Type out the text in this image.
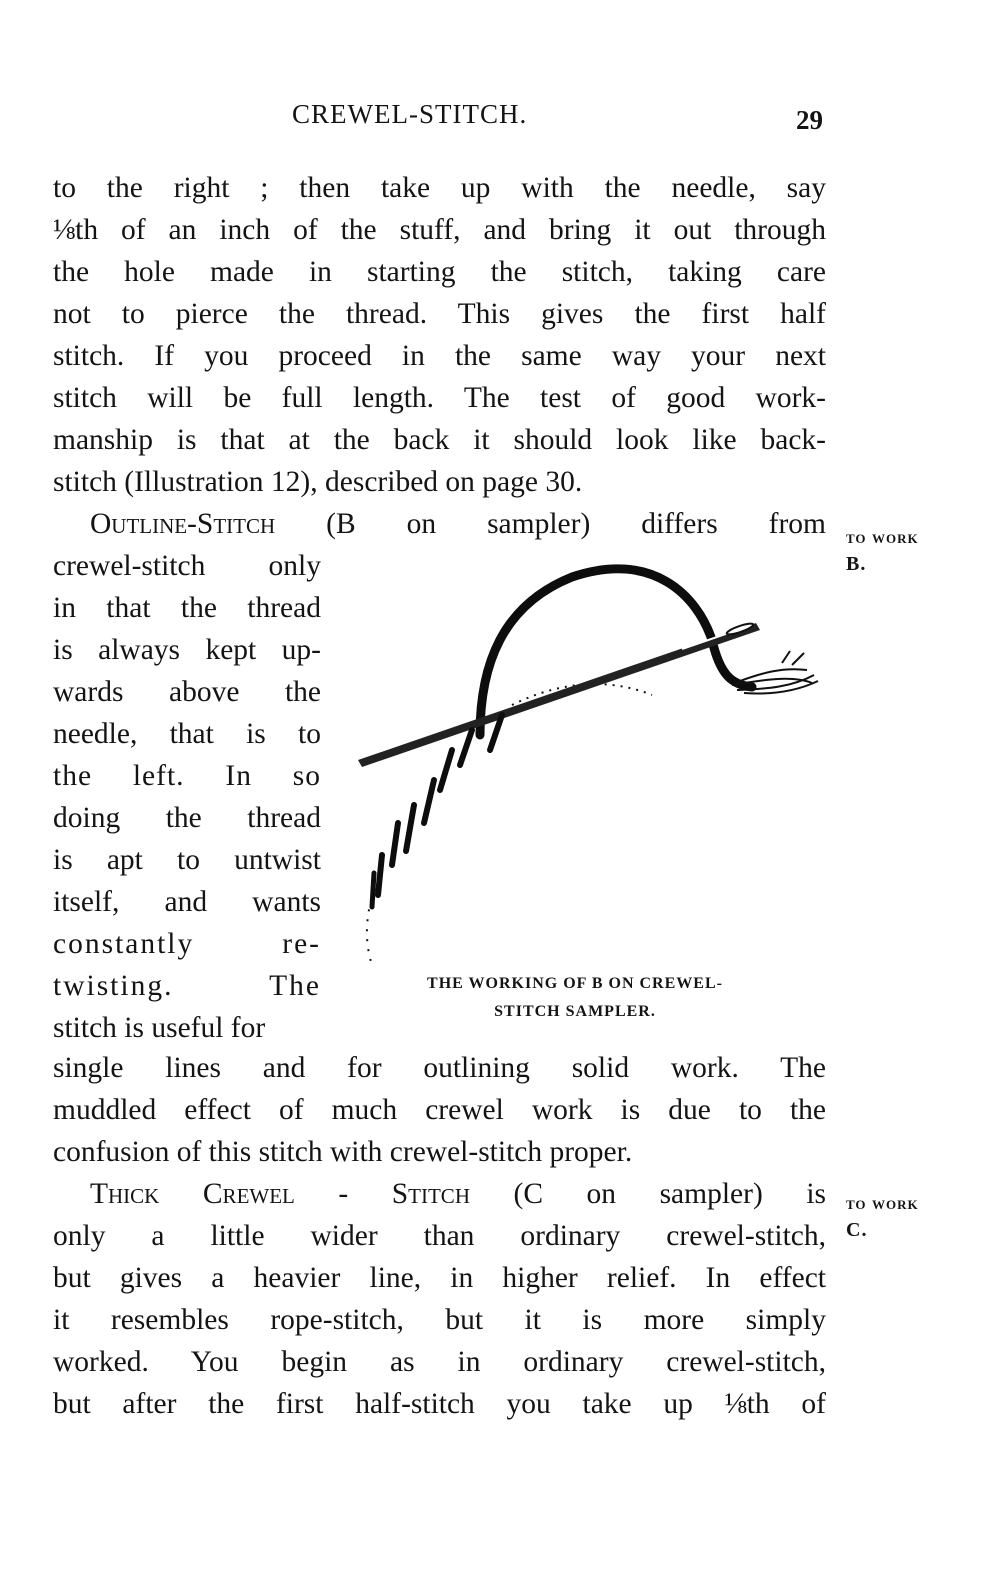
CREWEL-STITCH.	29
to the right ; then take up with the needle, say
⅛th of an inch of the stuff, and bring it out through
the hole made in starting the stitch, taking care
not to pierce the thread. This gives the first half
stitch. If you proceed in the same way your next
stitch will be full length. The test of good work-
manship is that at the back it should look like back-
stitch (Illustration 12), described on page 30.
Outline-Stitch (B on sampler) differs from to work
B.
crewel-stitch only
in that the thread
is always kept up-
wards above the
needle, that is to
the left. In so
doing the thread
is apt to untwist
itself, and wants
constantly re-
twisting. The
stitch is useful for
THE WORKING OF B ON CREWEL-
STITCH SAMPLER.
single lines and for outlining solid work. The
muddled effect of much crewel work is due to the
confusion of this stitch with crewel-stitch proper.
Thick Crewel - Stitch (C on sampler) is to work
C.
only a little wider than ordinary crewel-stitch,
but gives a heavier line, in higher relief. In effect
it resembles rope-stitch, but it is more simply
worked. You begin as in ordinary crewel-stitch,
but after the first half-stitch you take up ⅛th of
